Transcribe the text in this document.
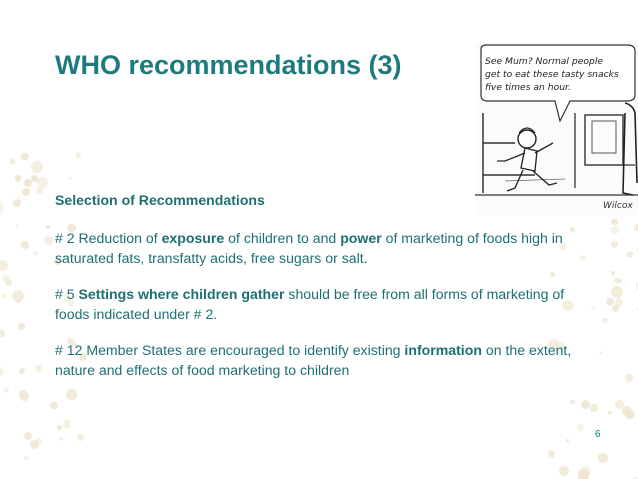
WHO recommendations (3)
Wilcox
See Mum? Normal people
get to eat these tasty snacks
five times an hour.

Selection of Recommendations

# 2 Reduction of exposure of children to and power of marketing of foods high in saturated fats, transfatty acids, free sugars or salt.

# 5 Settings where children gather should be free from all forms of marketing of foods indicated under # 2.

# 12 Member States are encouraged to identify existing information on the extent, nature and effects of food marketing to children

6
